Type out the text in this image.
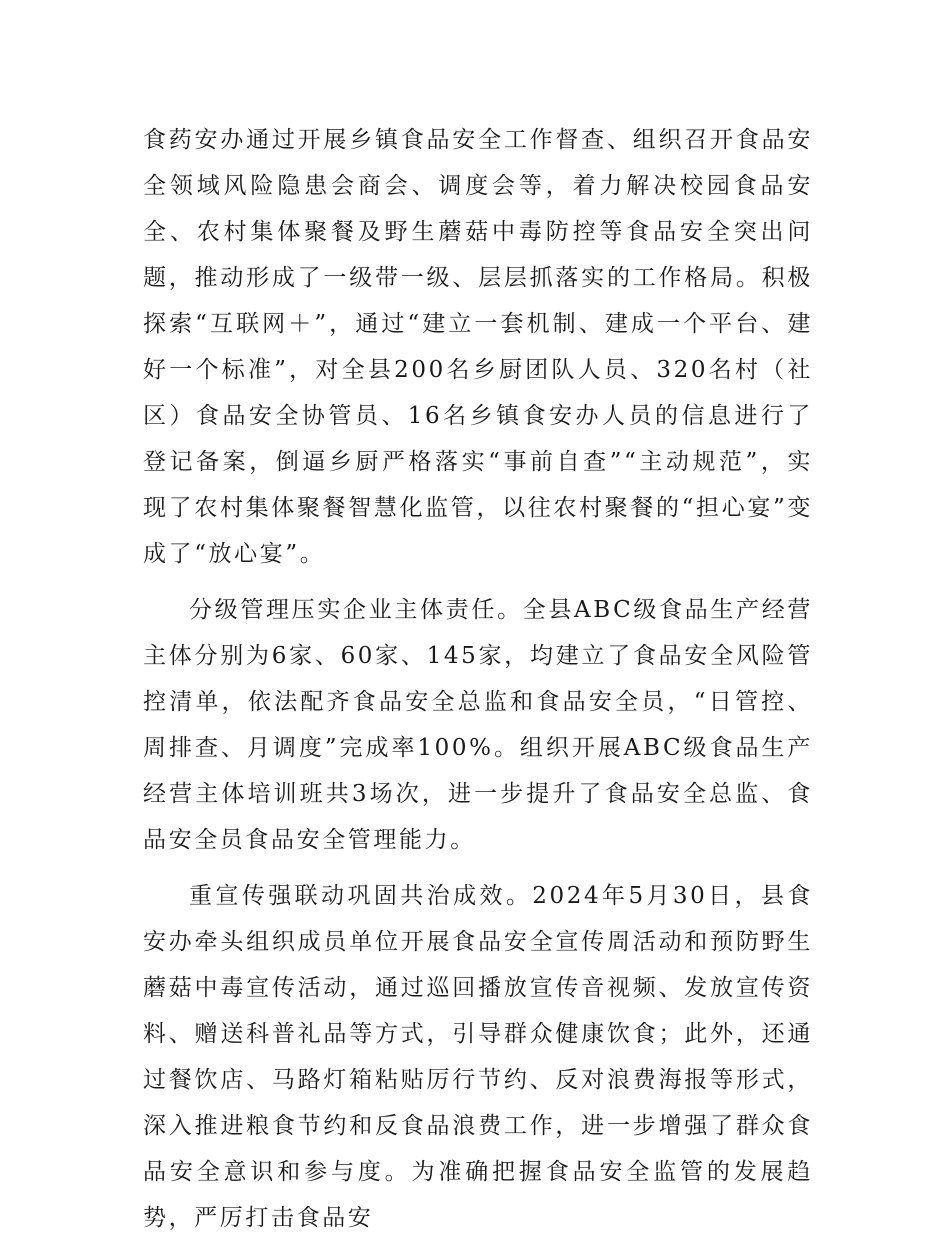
食药安办通过开展乡镇食品安全工作督查、组织召开食品安全领域风险隐患会商会、调度会等，着力解决校园食品安全、农村集体聚餐及野生蘑菇中毒防控等食品安全突出问题，推动形成了一级带一级、层层抓落实的工作格局。积极探索“互联网＋”，通过“建立一套机制、建成一个平台、建好一个标准”，对全县200名乡厨团队人员、320名村（社区）食品安全协管员、16名乡镇食安办人员的信息进行了登记备案，倒逼乡厨严格落实“事前自查”“主动规范”，实现了农村集体聚餐智慧化监管，以往农村聚餐的“担心宴”变成了“放心宴”。

分级管理压实企业主体责任。全县ABC级食品生产经营主体分别为6家、60家、145家，均建立了食品安全风险管控清单，依法配齐食品安全总监和食品安全员，“日管控、周排查、月调度”完成率100%。组织开展ABC级食品生产经营主体培训班共3场次，进一步提升了食品安全总监、食品安全员食品安全管理能力。

重宣传强联动巩固共治成效。2024年5月30日，县食安办牵头组织成员单位开展食品安全宣传周活动和预防野生蘑菇中毒宣传活动，通过巡回播放宣传音视频、发放宣传资料、赠送科普礼品等方式，引导群众健康饮食；此外，还通过餐饮店、马路灯箱粘贴厉行节约、反对浪费海报等形式，深入推进粮食节约和反食品浪费工作，进一步增强了群众食品安全意识和参与度。为准确把握食品安全监管的发展趋势，严厉打击食品安
